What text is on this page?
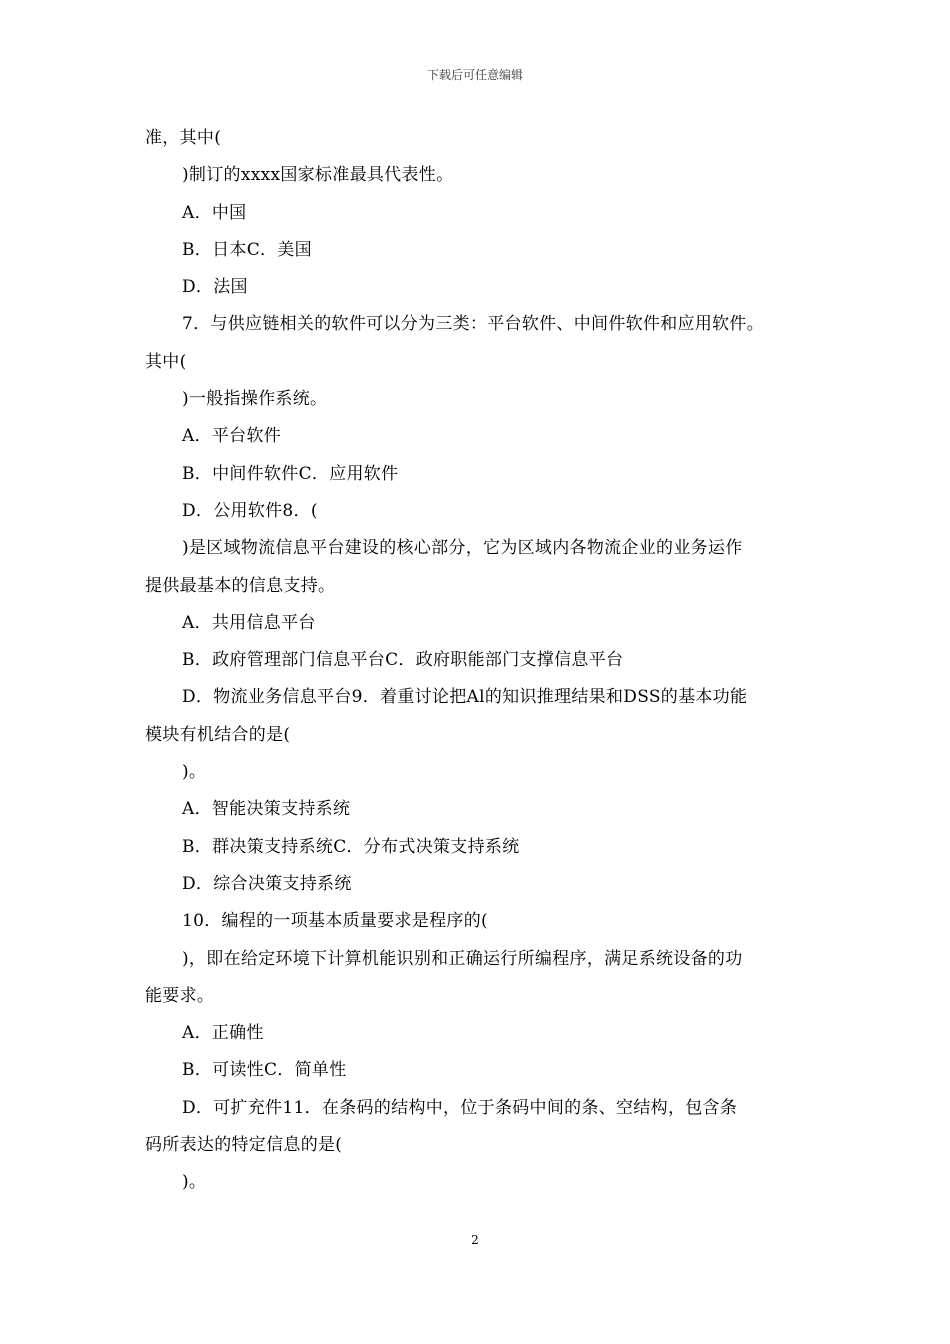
下载后可任意编辑
准，其中(
)制订的xxxx国家标准最具代表性。
A．中国
B．日本C．美国
D．法国
7．与供应链相关的软件可以分为三类：平台软件、中间件软件和应用软件。
其中(
)一般指操作系统。
A．平台软件
B．中间件软件C．应用软件
D．公用软件8．(
)是区域物流信息平台建设的核心部分，它为区域内各物流企业的业务运作
提供最基本的信息支持。
A．共用信息平台
B．政府管理部门信息平台C．政府职能部门支撑信息平台
D．物流业务信息平台9．着重讨论把Al的知识推理结果和DSS的基本功能
模块有机结合的是(
)。
A．智能决策支持系统
B．群决策支持系统C．分布式决策支持系统
D．综合决策支持系统
10．编程的一项基本质量要求是程序的(
)，即在给定环境下计算机能识别和正确运行所编程序，满足系统设备的功
能要求。
A．正确性
B．可读性C．简单性
D．可扩充件11．在条码的结构中，位于条码中间的条、空结构，包含条
码所表达的特定信息的是(
)。
2
